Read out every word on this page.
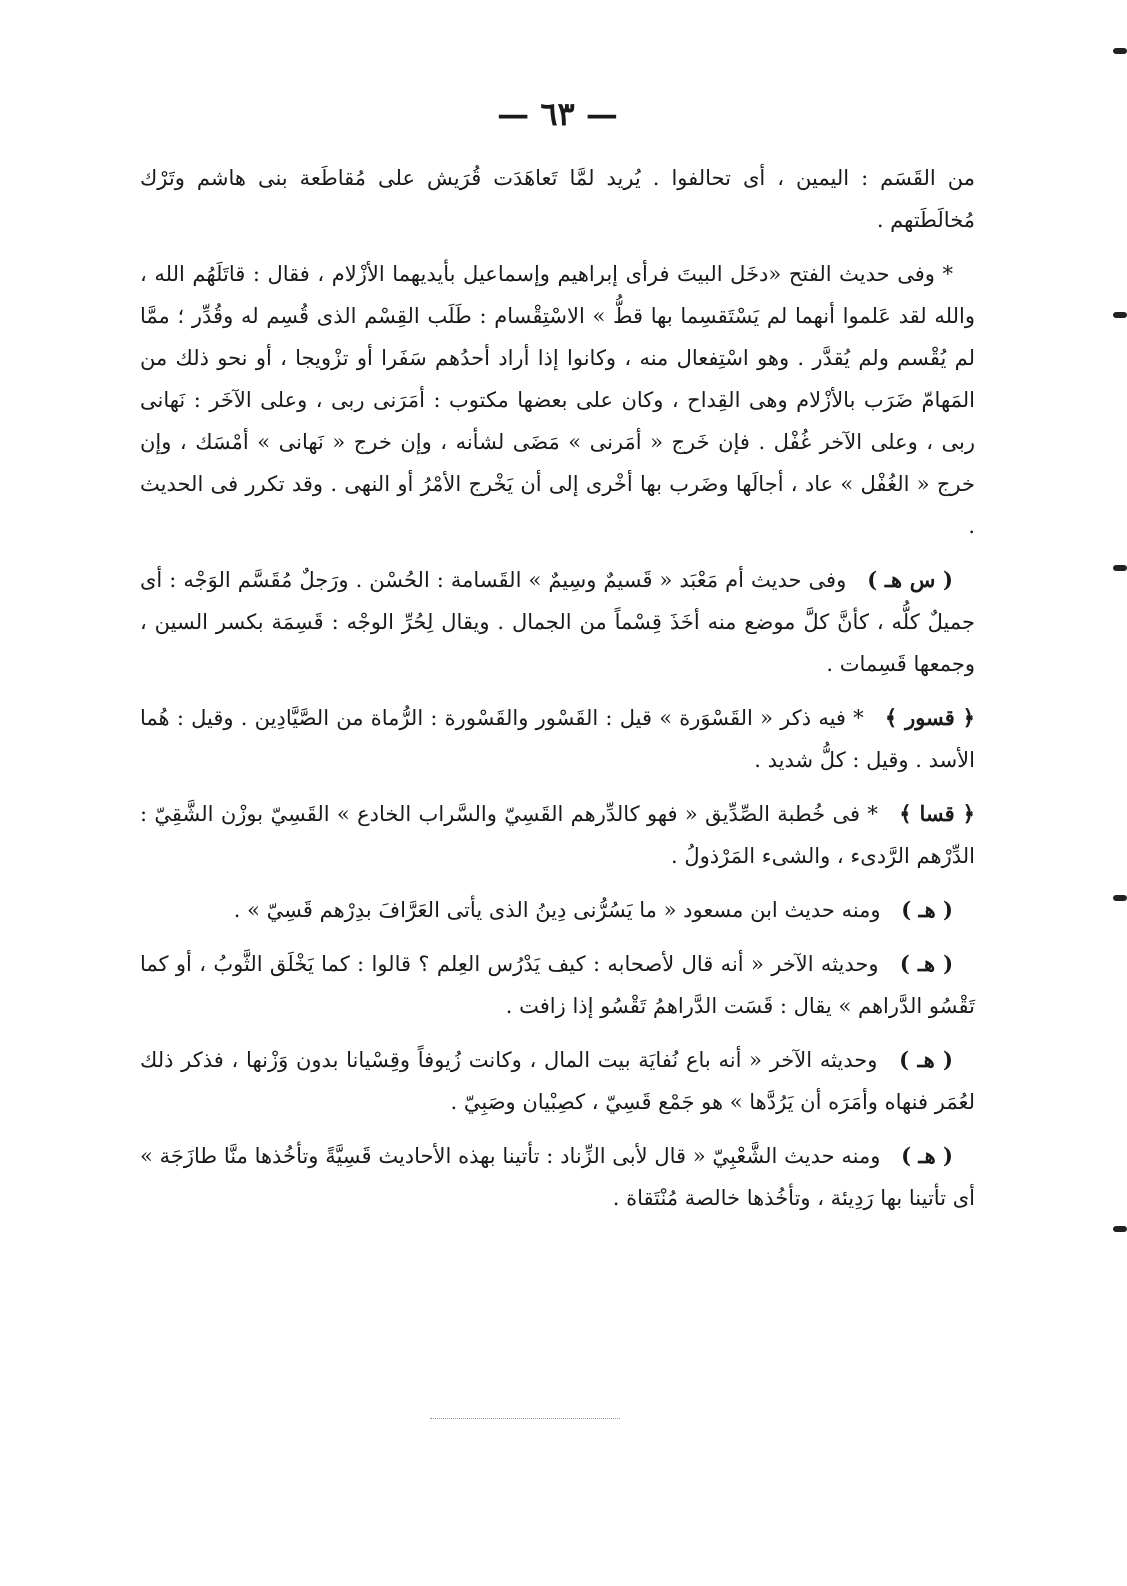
— ٦٣ —

من القَسَم : اليمين ، أى تحالفوا . يُريد لمَّا تَعاهَدَت قُرَيش على مُقاطَعة بنى هاشم وتَرْك مُخالَطَتهم .

* وفى حديث الفتح «دخَل البيتَ فرأى إبراهيم وإسماعيل بأيديهما الأزْلام ، فقال : قاتَلَهُم الله ، والله لقد عَلموا أنهما لم يَسْتَقسِما بها قطُّ » الاسْتِقْسام : طَلَب القِسْم الذى قُسِم له وقُدِّر ؛ ممَّا لم يُقْسم ولم يُقدَّر . وهو اسْتِفعال منه ، وكانوا إذا أراد أحدُهم سَفَرا أو تزْويجا ، أو نحو ذلك من المَهامّ ضَرَب بالأزْلام وهى القِداح ، وكان على بعضها مكتوب : أمَرَنى ربى ، وعلى الآخَر : نَهانى ربى ، وعلى الآخر غُفْل . فإن خَرج « أمَرنى » مَضَى لشأنه ، وإن خرج « نَهانى » أمْسَك ، وإن خرج « الغُفْل » عاد ، أجالَها وضَرب بها أخْرى إلى أن يَخْرج الأمْرُ أو النهى . وقد تكرر فى الحديث .

( س هـ ) وفى حديث أم مَعْبَد « قَسيمٌ وسِيمٌ » القَسامة : الحُسْن . ورَجلٌ مُقَسَّم الوَجْه : أى جميلٌ كلُّه ، كأنَّ كلَّ موضع منه أخَذَ قِسْماً من الجمال . ويقال لِحُرِّ الوجْه : قَسِمَة بكسر السين ، وجمعها قَسِمات .

﴿ قسور ﴾ * فيه ذكر « القَسْوَرة » قيل : القَسْور والقَسْورة : الرُّماة من الصَّيَّادِين . وقيل : هُما الأسد . وقيل : كلُّ شديد .

﴿ قسا ﴾ * فى خُطبة الصِّدِّيق « فهو كالدِّرهم القَسِيّ والسَّراب الخادع » القَسِيّ بوزْن الشَّقِيّ : الدِّرْهم الرَّدىء ، والشىء المَرْذولُ .

( هـ ) ومنه حديث ابن مسعود « ما يَسُرُّنى دِينُ الذى يأتى العَرَّافَ بدِرْهم قَسِيّ » .

( هـ ) وحديثه الآخر « أنه قال لأصحابه : كيف يَدْرُس العِلم ؟ قالوا : كما يَخْلَق الثَّوبُ ، أو كما تَقْسُو الدَّراهم » يقال : قَسَت الدَّراهمُ تَقْسُو إذا زافت .

( هـ ) وحديثه الآخر « أنه باع نُفايَة بيت المال ، وكانت زُيوفاً وقِسْيانا بدون وَزْنها ، فذكر ذلك لعُمَر فنهاه وأمَرَه أن يَرُدَّها » هو جَمْع قَسِيّ ، كصِبْيان وصَبِيّ .

( هـ ) ومنه حديث الشَّعْبِيّ « قال لأبى الزِّناد : تأتينا بهذه الأحاديث قَسِيَّةً وتأخُذها منَّا طازَجَة » أى تأتينا بها رَدِيئة ، وتأخُذها خالصة مُنْتَقاة .
